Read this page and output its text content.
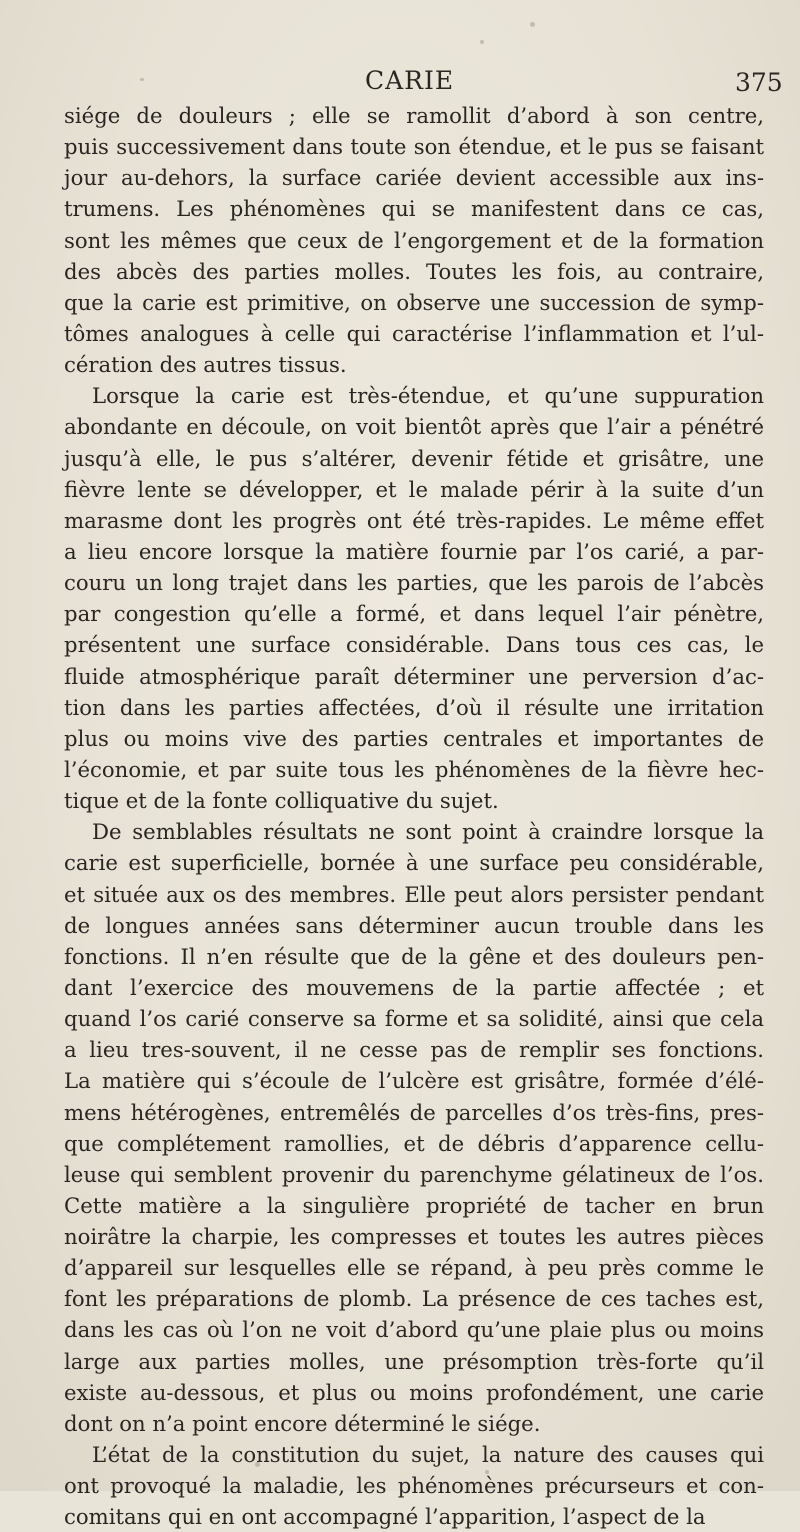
CARIE	375
siége de douleurs ; elle se ramollit d’abord à son centre,
puis successivement dans toute son étendue, et le pus se faisant
jour au-dehors, la surface cariée devient accessible aux ins-
trumens. Les phénomènes qui se manifestent dans ce cas,
sont les mêmes que ceux de l’engorgement et de la formation
des abcès des parties molles. Toutes les fois, au contraire,
que la carie est primitive, on observe une succession de symp-
tômes analogues à celle qui caractérise l’inflammation et l’ul-
cération des autres tissus.
Lorsque la carie est très-étendue, et qu’une suppuration
abondante en découle, on voit bientôt après que l’air a pénétré
jusqu’à elle, le pus s’altérer, devenir fétide et grisâtre, une
fièvre lente se développer, et le malade périr à la suite d’un
marasme dont les progrès ont été très-rapides. Le même effet
a lieu encore lorsque la matière fournie par l’os carié, a par-
couru un long trajet dans les parties, que les parois de l’abcès
par congestion qu’elle a formé, et dans lequel l’air pénètre,
présentent une surface considérable. Dans tous ces cas, le
fluide atmosphérique paraît déterminer une perversion d’ac-
tion dans les parties affectées, d’où il résulte une irritation
plus ou moins vive des parties centrales et importantes de
l’économie, et par suite tous les phénomènes de la fièvre hec-
tique et de la fonte colliquative du sujet.
De semblables résultats ne sont point à craindre lorsque la
carie est superficielle, bornée à une surface peu considérable,
et située aux os des membres. Elle peut alors persister pendant
de longues années sans déterminer aucun trouble dans les
fonctions. Il n’en résulte que de la gêne et des douleurs pen-
dant l’exercice des mouvemens de la partie affectée ; et
quand l’os carié conserve sa forme et sa solidité, ainsi que cela
a lieu tres-souvent, il ne cesse pas de remplir ses fonctions.
La matière qui s’écoule de l’ulcère est grisâtre, formée d’élé-
mens hétérogènes, entremêlés de parcelles d’os très-fins, pres-
que complétement ramollies, et de débris d’apparence cellu-
leuse qui semblent provenir du parenchyme gélatineux de l’os.
Cette matière a la singulière propriété de tacher en brun
noirâtre la charpie, les compresses et toutes les autres pièces
d’appareil sur lesquelles elle se répand, à peu près comme le
font les préparations de plomb. La présence de ces taches est,
dans les cas où l’on ne voit d’abord qu’une plaie plus ou moins
large aux parties molles, une présomption très-forte qu’il
existe au-dessous, et plus ou moins profondément, une carie
dont on n’a point encore déterminé le siége.
L’état de la constitution du sujet, la nature des causes qui
ont provoqué la maladie, les phénomènes précurseurs et con-
comitans qui en ont accompagné l’apparition, l’aspect de la
